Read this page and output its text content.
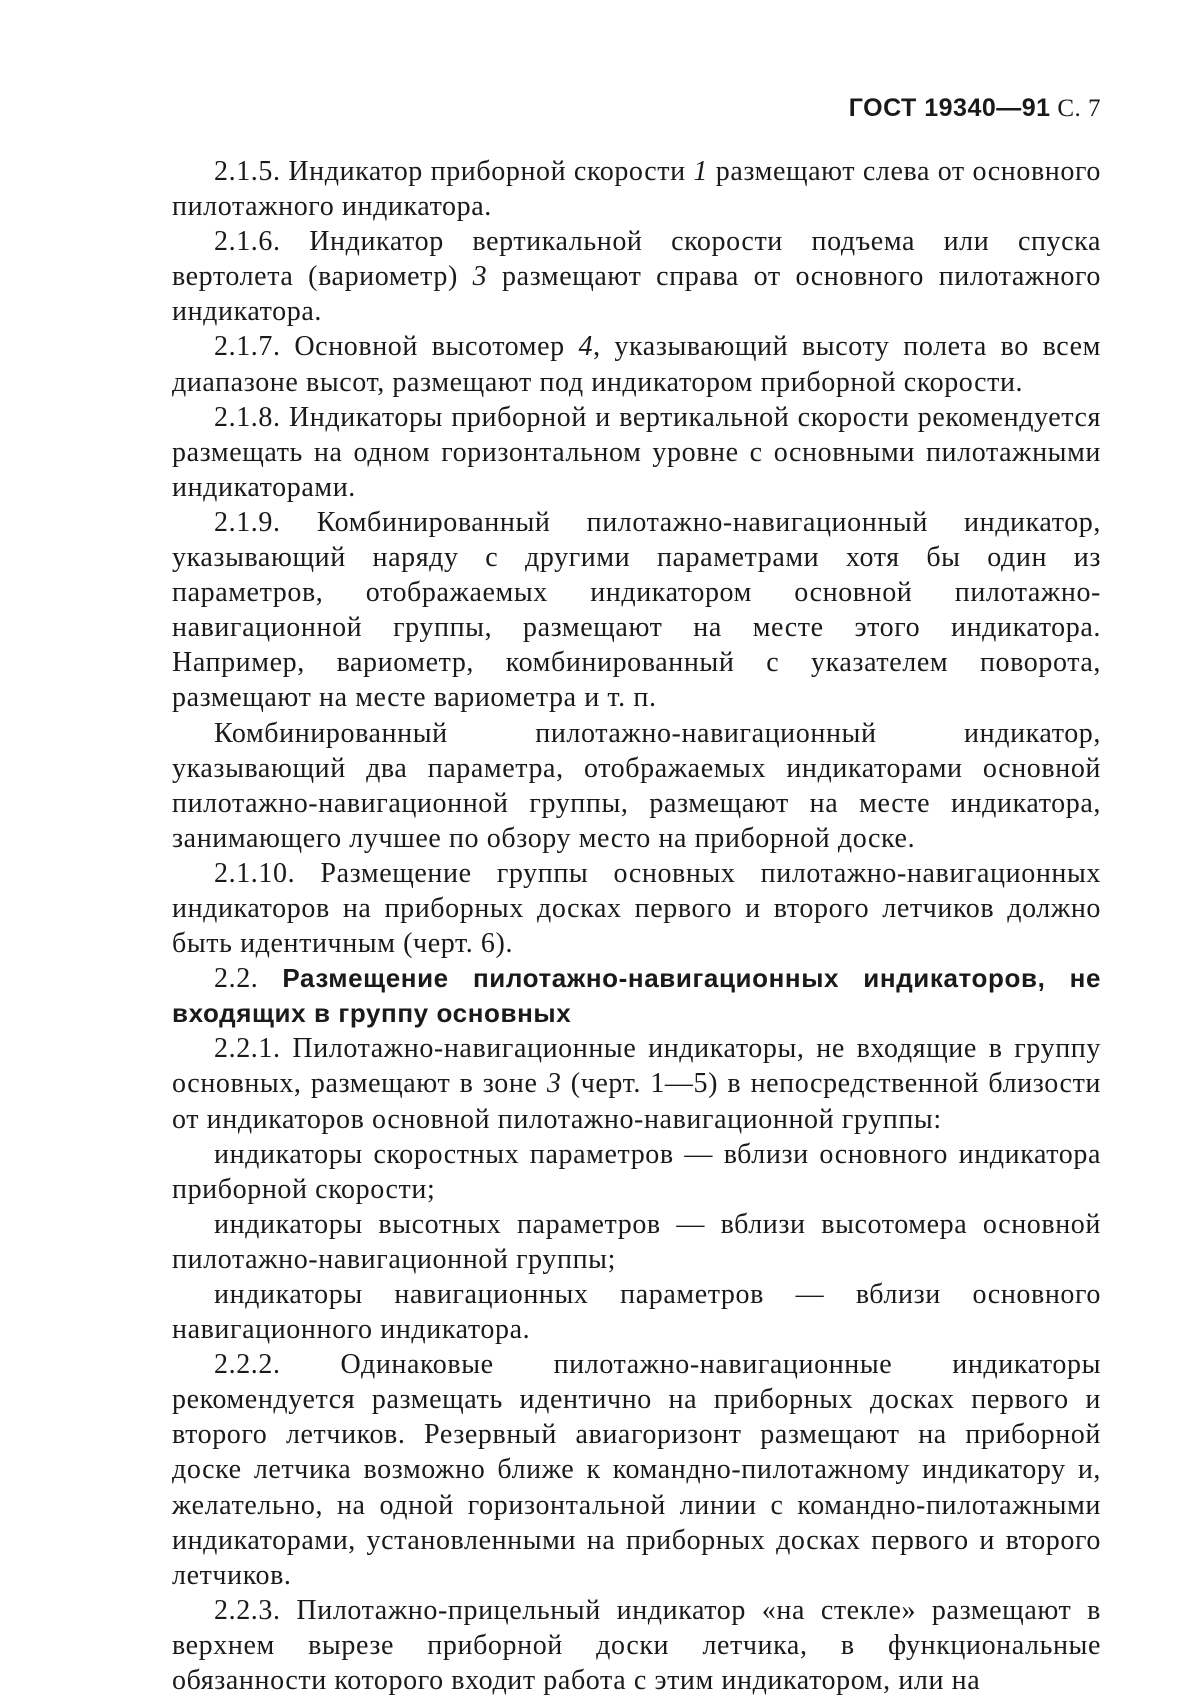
ГОСТ 19340—91 С. 7

2.1.5. Индикатор приборной скорости 1 размещают слева от основного пилотажного индикатора.

2.1.6. Индикатор вертикальной скорости подъема или спуска вертолета (вариометр) 3 размещают справа от основного пилотажного индикатора.

2.1.7. Основной высотомер 4, указывающий высоту полета во всем диапазоне высот, размещают под индикатором приборной скорости.

2.1.8. Индикаторы приборной и вертикальной скорости рекомендуется размещать на одном горизонтальном уровне с основными пилотажными индикаторами.

2.1.9. Комбинированный пилотажно-навигационный индикатор, указывающий наряду с другими параметрами хотя бы один из параметров, отображаемых индикатором основной пилотажно-навигационной группы, размещают на месте этого индикатора. Например, вариометр, комбинированный с указателем поворота, размещают на месте вариометра и т. п.

Комбинированный пилотажно-навигационный индикатор, указывающий два параметра, отображаемых индикаторами основной пилотажно-навигационной группы, размещают на месте индикатора, занимающего лучшее по обзору место на приборной доске.

2.1.10. Размещение группы основных пилотажно-навигационных индикаторов на приборных досках первого и второго летчиков должно быть идентичным (черт. 6).

2.2. Размещение пилотажно-навигационных индикаторов, не входящих в группу основных

2.2.1. Пилотажно-навигационные индикаторы, не входящие в группу основных, размещают в зоне 3 (черт. 1—5) в непосредственной близости от индикаторов основной пилотажно-навигационной группы:

индикаторы скоростных параметров — вблизи основного индикатора приборной скорости;

индикаторы высотных параметров — вблизи высотомера основной пилотажно-навигационной группы;

индикаторы навигационных параметров — вблизи основного навигационного индикатора.

2.2.2. Одинаковые пилотажно-навигационные индикаторы рекомендуется размещать идентично на приборных досках первого и второго летчиков. Резервный авиагоризонт размещают на приборной доске летчика возможно ближе к командно-пилотажному индикатору и, желательно, на одной горизонтальной линии с командно-пилотажными индикаторами, установленными на приборных досках первого и второго летчиков.

2.2.3. Пилотажно-прицельный индикатор «на стекле» размещают в верхнем вырезе приборной доски летчика, в функциональные обязанности которого входит работа с этим индикатором, или на
